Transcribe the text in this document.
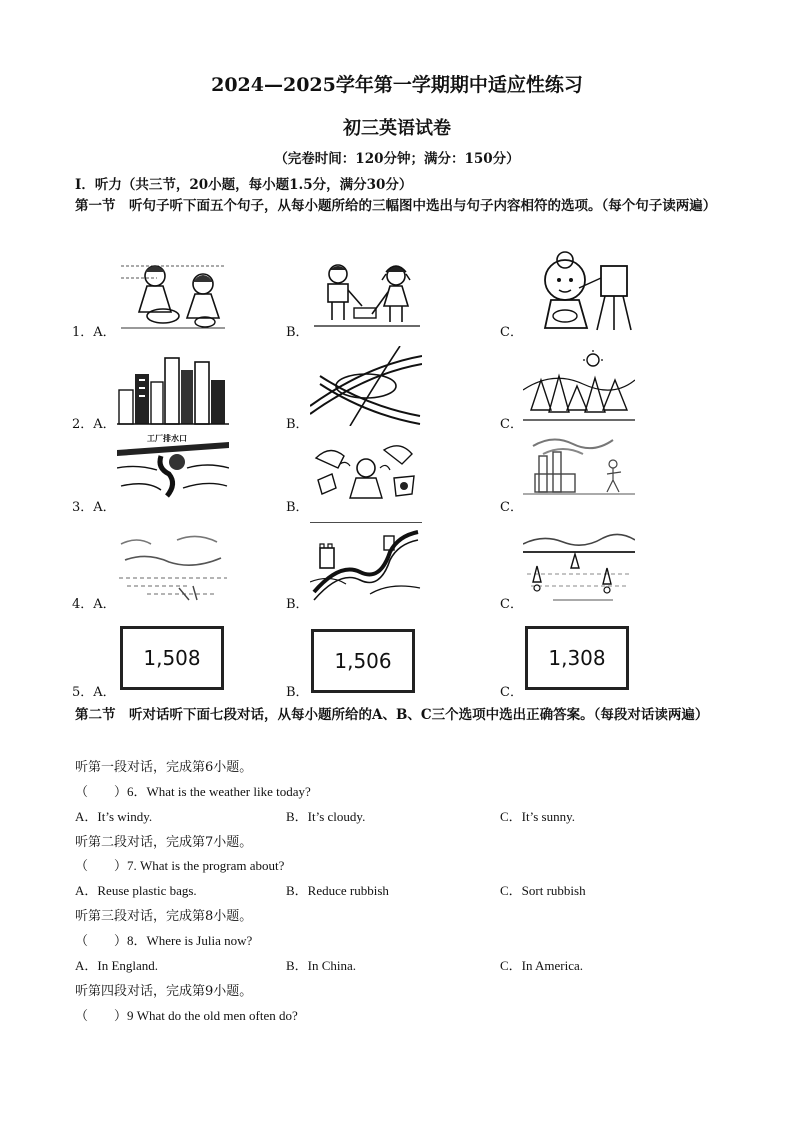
2024—2025学年第一学期期中适应性练习
初三英语试卷
（完卷时间：120分钟；满分：150分）
Ⅰ．听力（共三节，20小题，每小题1.5分，满分30分）
第一节　听句子听下面五个句子，从每小题所给的三幅图中选出与句子内容相符的选项。（每个句子读两遍）
1．A．	B．	C．
2．A．	B．	C．
3．A．	B．	C．
工厂排水口
4．A．	B．	C．
5．A．	B．	C．
1,508	1,506	1,308
第二节　听对话听下面七段对话，从每小题所给的A、B、C三个选项中选出正确答案。（每段对话读两遍）
听第一段对话，完成第6小题。
（　　）6．What is the weather like today?
A．It’s windy.	B．It’s cloudy.	C．It’s sunny.
听第二段对话，完成第7小题。
（　　）7. What is the program about?
A．Reuse plastic bags.	B．Reduce rubbish	C．Sort rubbish
听第三段对话，完成第8小题。
（　　）8．Where is Julia now?
A．In England.	B．In China.	C．In America.
听第四段对话，完成第9小题。
（　　）9 What do the old men often do?
